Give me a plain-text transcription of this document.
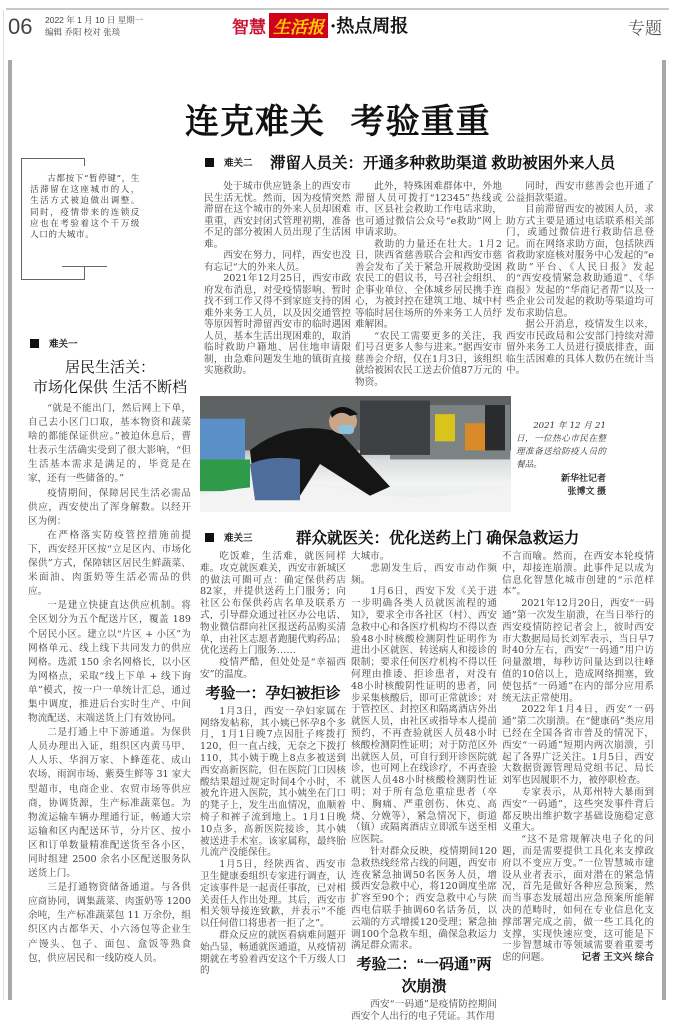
06 2022 年 1 月 10 日 星期一
编辑 乔阳 校对 张琰	智慧 生活报 ·热点周报	专题
连克难关  考验重重
古都按下“暂停键”，生活滞留在这座城市的人，生活方式被迫做出调整。同时，疫情带来的连锁反应也在考验着这个千万级人口的大城市。
难关一
居民生活关：
市场化保供 生活不断档

“就是不能出门，然后网上下单，自己去小区门口取，基本物资和蔬菜啥的都能保证供应。”被迫休息后，曹壮表示生活确实受到了很大影响，“但生活基本需求是满足的，毕竟是在家，还有一些储备的。”

疫情期间，保障居民生活必需品供应，西安使出了浑身解数。以经开区为例：

在严格落实防疫管控措施前提下，西安经开区按“立足区内、市场化保供”方式，保障辖区居民生鲜蔬菜、米面油、肉蛋奶等生活必需品的供应。

一是建立快捷直达供应机制。将全区划分为五个配送片区，覆盖 189 个居民小区。建立以“片区 + 小区”为网格单元、线上线下共同发力的供应网格。选派 150 余名网格长，以小区为网格点，采取“线上下单 + 线下询单”模式，按一户一单统计汇总，通过集中调度，推进后台实时生产、中间物流配送、末端送货上门有效协同。

二是打通上中下游通道。为保供人员办理出入证，组织区内黄马甲、人人乐、华润万家、卜蜂莲花、成山农场、雨润市场、紫葵生鲜等 31 家大型超市，电商企业、农贸市场等供应商，协调货源，生产标准蔬菜包。为物流运输车辆办理通行证，畅通大宗运输和区内配送环节，分片区、按小区和订单数量精准配送货至各小区，同时组建 2500 余名小区配送服务队送货上门。

三是打通物资储备通道。与各供应商协同，调集蔬菜、肉蛋奶等 1200 余吨，生产标准蔬菜包 11 万余份，组织区内古都华天、小六汤包等企业生产馒头、包子、面包、盒饭等熟食包，供应居民和一线防疫人员。

难关二 滞留人员关：开通多种救助渠道 救助被困外来人员

处于城市供应链条上的西安市民生活无忧。然而，因为疫情突然滞留在这个城市的外来人员却困难重重，西安封闭式管理初期，准备不足的部分被困人员出现了生活困难。

西安在努力，同样，西安也没有忘记“大的外来人员。

2021年12月25日，西安市政府发布消息，对受疫情影响、暂时找不到工作又得不到家庭支持的困难外来务工人员，以及因交通管控等原因暂时滞留西安市的临时遇困人员，基本生活出现困难的，取消临时救助户籍地、居住地申请限制，由急难问题发生地的镇街直接实施救助。

此外，特殊困难群体中，外地滞留人员可拨打“12345”热线或市、区县社会救助工作电话求助，也可通过微信公众号“e救助”网上申请求助。

救助的力量还在壮大。1月2日，陕西省慈善联合会和西安市慈善会发布了关于紧急开展救助受困农民工的倡议书，号召社会组织、企事业单位、全体城乡居民携手连心，为被封控在建筑工地、城中村等临时居住场所的外来务工人员纾难解困。

“农民工需要更多的关注，我们号召更多人参与进来。”据西安市慈善会介绍，仅在1月3日，该组织就给被困农民工送去价值87万元的物资。

同时，西安市慈善会也开通了公益捐款渠道。

目前滞留西安的被困人员，求助方式主要是通过电话联系相关部门，或通过微信进行救助信息登记。而在网络求助方面，包括陕西省救助家庭核对服务中心发起的“e救助”平台、《人民日报》发起的“西安疫情紧急救助通道”、《华商报》发起的“华商记者帮”以及一些企业公司发起的救助等渠道均可发布求助信息。

据公开消息，疫情发生以来，西安市民政局和公安部门持续对滞留外来务工人员进行摸底排查，面临生活困难的具体人数仍在统计当中。

2021 年 12 月 21 日，一位热心市民在整理准备送给防疫人员的餐品。
新华社记者
张博文 摄
难关三	群众就医关：优化送药上门 确保急救运力

吃饭难，生活难，就医同样难。攻克就医难关，西安市新城区的做法可圈可点：确定保供药店82家，并提供送药上门服务；向社区公布保供药店名单及联系方式，引导群众通过社区办公电话、物业微信群向社区报送药品购买清单，由社区志愿者跑腿代购药品；优化送药上门服务……

疫情严酷，但处处是“幸福西安”的温度。

考验一：孕妇被拒诊

1月3日，西安一孕妇家属在网络发帖称，其小姨已怀孕8个多月，1月1日晚7点因肚子疼拨打120，但一直占线，无奈之下拨打110，其小姨于晚上8点多被送到西安高新医院，但在医院门口因核酸结果超过规定时间4个小时，不被允许进入医院，其小姨坐在门口的凳子上，发生出血情况，血顺着椅子和裤子流到地上。1月1日晚10点多，高新医院接诊，其小姨被送进手术室。该家属称，最终胎儿流产没能保住。

1月5日，经陕西省、西安市卫生健康委组织专家进行调查，认定该事件是一起责任事故，已对相关责任人作出处理。其后，西安市相关领导接连致歉，并表示“不能以任何借口将患者一拒了之”。

群众反应的就医看病难问题开始凸显，畅通就医通道，从疫情初期就在考验着西安这个千万级人口的

大城市。

悲剧发生后，西安市动作频频。

1月6日，西安下发《关于进一步明确各类人员就医流程的通知》，要求全市各社区（村）、西安急救中心和各医疗机构均不得以查验48小时核酸检测阴性证明作为进出小区就医、转送病人和接诊的限制；要求任何医疗机构不得以任何理由推诿、拒诊患者，对没有48小时核酸阴性证明的患者，同步采集核酸后，即可正常就诊；对于管控区、封控区和隔离酒店外出就医人员，由社区或指导本人提前预约，不再查验就医人员48小时核酸检测阴性证明；对于防范区外出就医人员，可自行到开诊医院就诊，也可网上在线诊疗，不再查验就医人员48小时核酸检测阴性证明；对于所有急危重症患者（卒中、胸痛、严重创伤、休克、高烧、分娩等），紧急情况下，街道（镇）或隔离酒店立即派车送至相应医院。

针对群众反映，疫情期间120急救热线经常占线的问题，西安市连夜紧急抽调50名医务人员，增援西安急救中心，将120调度坐席扩容至90个；西安急救中心与陕西电信联手抽调60名话务员，以云端的方式增援120受理；紧急抽调100个急救车组，确保急救运力满足群众需求。

考验二：“一码通”两次崩溃

西安“一码通”是疫情防控期间西安个人出行的电子凭证。其作用

不言而喻。然而，在西安本轮疫情中，却接连崩溃。此事件足以成为信息化智慧化城市创建的“示范样本”。

2021年12月20日，西安“一码通”第一次发生崩溃，在当日举行的西安疫情防控记者会上，彼时西安市大数据局局长刘军表示，当日早7时40分左右，西安“一码通”用户访问量激增，每秒访问量达到以往峰值的10倍以上，造成网络拥塞，致使包括“一码通”在内的部分应用系统无法正常使用。

2022年1月4日，西安“一码通”第二次崩溃。在“健康码”类应用已经在全国各省市普及的情况下，西安“一码通”短期内两次崩溃，引起了各界广泛关注。1月5日，西安大数据资源管理局党组书记、局长刘军也因履职不力，被停职检查。

专家表示，从郑州特大暴雨到西安“一码通”，这些突发事件背后都反映出维护数字基础设施稳定意义重大。

“这不是常规解决电子化的问题，而是需要提供工具化来支撑政府以不变应万变。”一位智慧城市建设从业者表示，面对潜在的紧急情况，首先是做好各种应急预案，然而当事态发展超出应急预案所能解决的范畴时，如何在专业信息化支撑部署完成之前，做一些工具化的支撑，实现快速应变，这可能是下一步智慧城市等领域需要着重要考虑的问题。	记者 王文兴 综合
